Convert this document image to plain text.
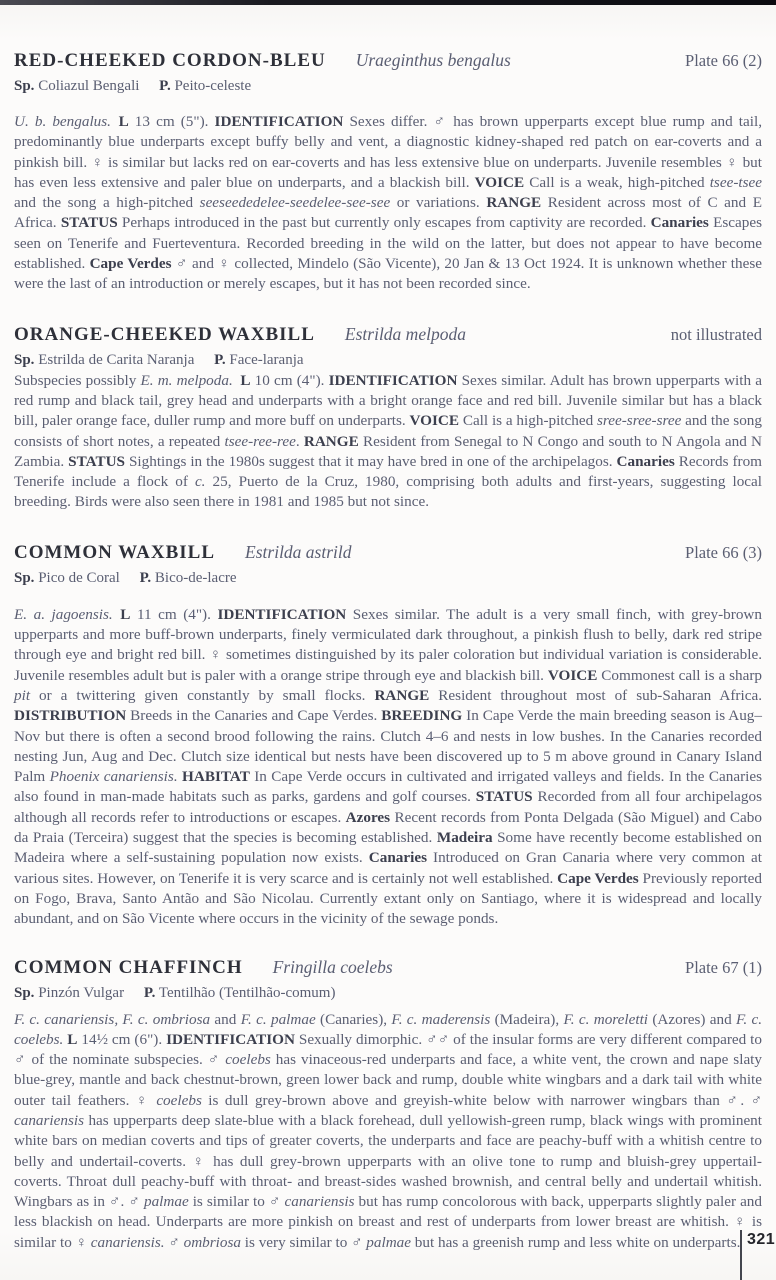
RED-CHEEKED CORDON-BLEU Uraeginthus bengalus	Plate 66 (2)
Sp. Coliazul Bengali P. Peito-celeste

U. b. bengalus.  L 13 cm (5"). IDENTIFICATION Sexes differ. ♂ has brown upperparts except blue rump and tail, predominantly blue underparts except buffy belly and vent, a diagnostic kidney-shaped red patch on ear-coverts and a pinkish bill. ♀ is similar but lacks red on ear-coverts and has less extensive blue on underparts. Juvenile resembles ♀ but has even less extensive and paler blue on underparts, and a blackish bill. VOICE Call is a weak, high-pitched tsee-tsee and the song a high-pitched seeseededelee-seedelee-see-see or variations. RANGE Resident across most of C and E Africa. STATUS Perhaps introduced in the past but currently only escapes from captivity are recorded. Canaries Escapes seen on Tenerife and Fuerteventura. Recorded breeding in the wild on the latter, but does not appear to have become established. Cape Verdes ♂ and ♀ collected, Mindelo (São Vicente), 20 Jan & 13 Oct 1924. It is unknown whether these were the last of an introduction or merely escapes, but it has not been recorded since.

ORANGE-CHEEKED WAXBILL Estrilda melpoda	not illustrated
Sp. Estrilda de Carita Naranja P. Face-laranja

Subspecies possibly E. m. melpoda.  L 10 cm (4"). IDENTIFICATION Sexes similar. Adult has brown upperparts with a red rump and black tail, grey head and underparts with a bright orange face and red bill. Juvenile similar but has a black bill, paler orange face, duller rump and more buff on underparts. VOICE Call is a high-pitched sree-sree-sree and the song consists of short notes, a repeated tsee-ree-ree. RANGE Resident from Senegal to N Congo and south to N Angola and N Zambia. STATUS Sightings in the 1980s suggest that it may have bred in one of the archipelagos. Canaries Records from Tenerife include a flock of c. 25, Puerto de la Cruz, 1980, comprising both adults and first-years, suggesting local breeding. Birds were also seen there in 1981 and 1985 but not since.

COMMON WAXBILL Estrilda astrild	Plate 66 (3)
Sp. Pico de Coral P. Bico-de-lacre

E. a. jagoensis.  L 11 cm (4"). IDENTIFICATION Sexes similar. The adult is a very small finch, with grey-brown upperparts and more buff-brown underparts, finely vermiculated dark throughout, a pinkish flush to belly, dark red stripe through eye and bright red bill. ♀ sometimes distinguished by its paler coloration but individual variation is considerable. Juvenile resembles adult but is paler with a orange stripe through eye and blackish bill. VOICE Commonest call is a sharp pit or a twittering given constantly by small flocks. RANGE Resident throughout most of sub-Saharan Africa. DISTRIBUTION Breeds in the Canaries and Cape Verdes. BREEDING In Cape Verde the main breeding season is Aug–Nov but there is often a second brood following the rains. Clutch 4–6 and nests in low bushes. In the Canaries recorded nesting Jun, Aug and Dec. Clutch size identical but nests have been discovered up to 5 m above ground in Canary Island Palm Phoenix canariensis. HABITAT In Cape Verde occurs in cultivated and irrigated valleys and fields. In the Canaries also found in man-made habitats such as parks, gardens and golf courses. STATUS Recorded from all four archipelagos although all records refer to introductions or escapes. Azores Recent records from Ponta Delgada (São Miguel) and Cabo da Praia (Terceira) suggest that the species is becoming established. Madeira Some have recently become established on Madeira where a self-sustaining population now exists. Canaries Introduced on Gran Canaria where very common at various sites. However, on Tenerife it is very scarce and is certainly not well established. Cape Verdes Previously reported on Fogo, Brava, Santo Antão and São Nicolau. Currently extant only on Santiago, where it is widespread and locally abundant, and on São Vicente where occurs in the vicinity of the sewage ponds.

COMMON CHAFFINCH Fringilla coelebs	Plate 67 (1)
Sp. Pinzón Vulgar P. Tentilhão (Tentilhão-comum)

F. c. canariensis, F. c. ombriosa and F. c. palmae (Canaries), F. c. maderensis (Madeira), F. c. moreletti (Azores) and F. c. coelebs. L 14½ cm (6"). IDENTIFICATION Sexually dimorphic. ♂♂ of the insular forms are very different compared to ♂ of the nominate subspecies. ♂ coelebs has vinaceous-red underparts and face, a white vent, the crown and nape slaty blue-grey, mantle and back chestnut-brown, green lower back and rump, double white wingbars and a dark tail with white outer tail feathers. ♀ coelebs is dull grey-brown above and greyish-white below with narrower wingbars than ♂. ♂ canariensis has upperparts deep slate-blue with a black forehead, dull yellowish-green rump, black wings with prominent white bars on median coverts and tips of greater coverts, the underparts and face are peachy-buff with a whitish centre to belly and undertail-coverts. ♀ has dull grey-brown upperparts with an olive tone to rump and bluish-grey uppertail-coverts. Throat dull peachy-buff with throat- and breast-sides washed brownish, and central belly and undertail whitish. Wingbars as in ♂. ♂ palmae is similar to ♂ canariensis but has rump concolorous with back, upperparts slightly paler and less blackish on head. Underparts are more pinkish on breast and rest of underparts from lower breast are whitish. ♀ is similar to ♀ canariensis. ♂ ombriosa is very similar to ♂ palmae but has a greenish rump and less white on underparts. 321
